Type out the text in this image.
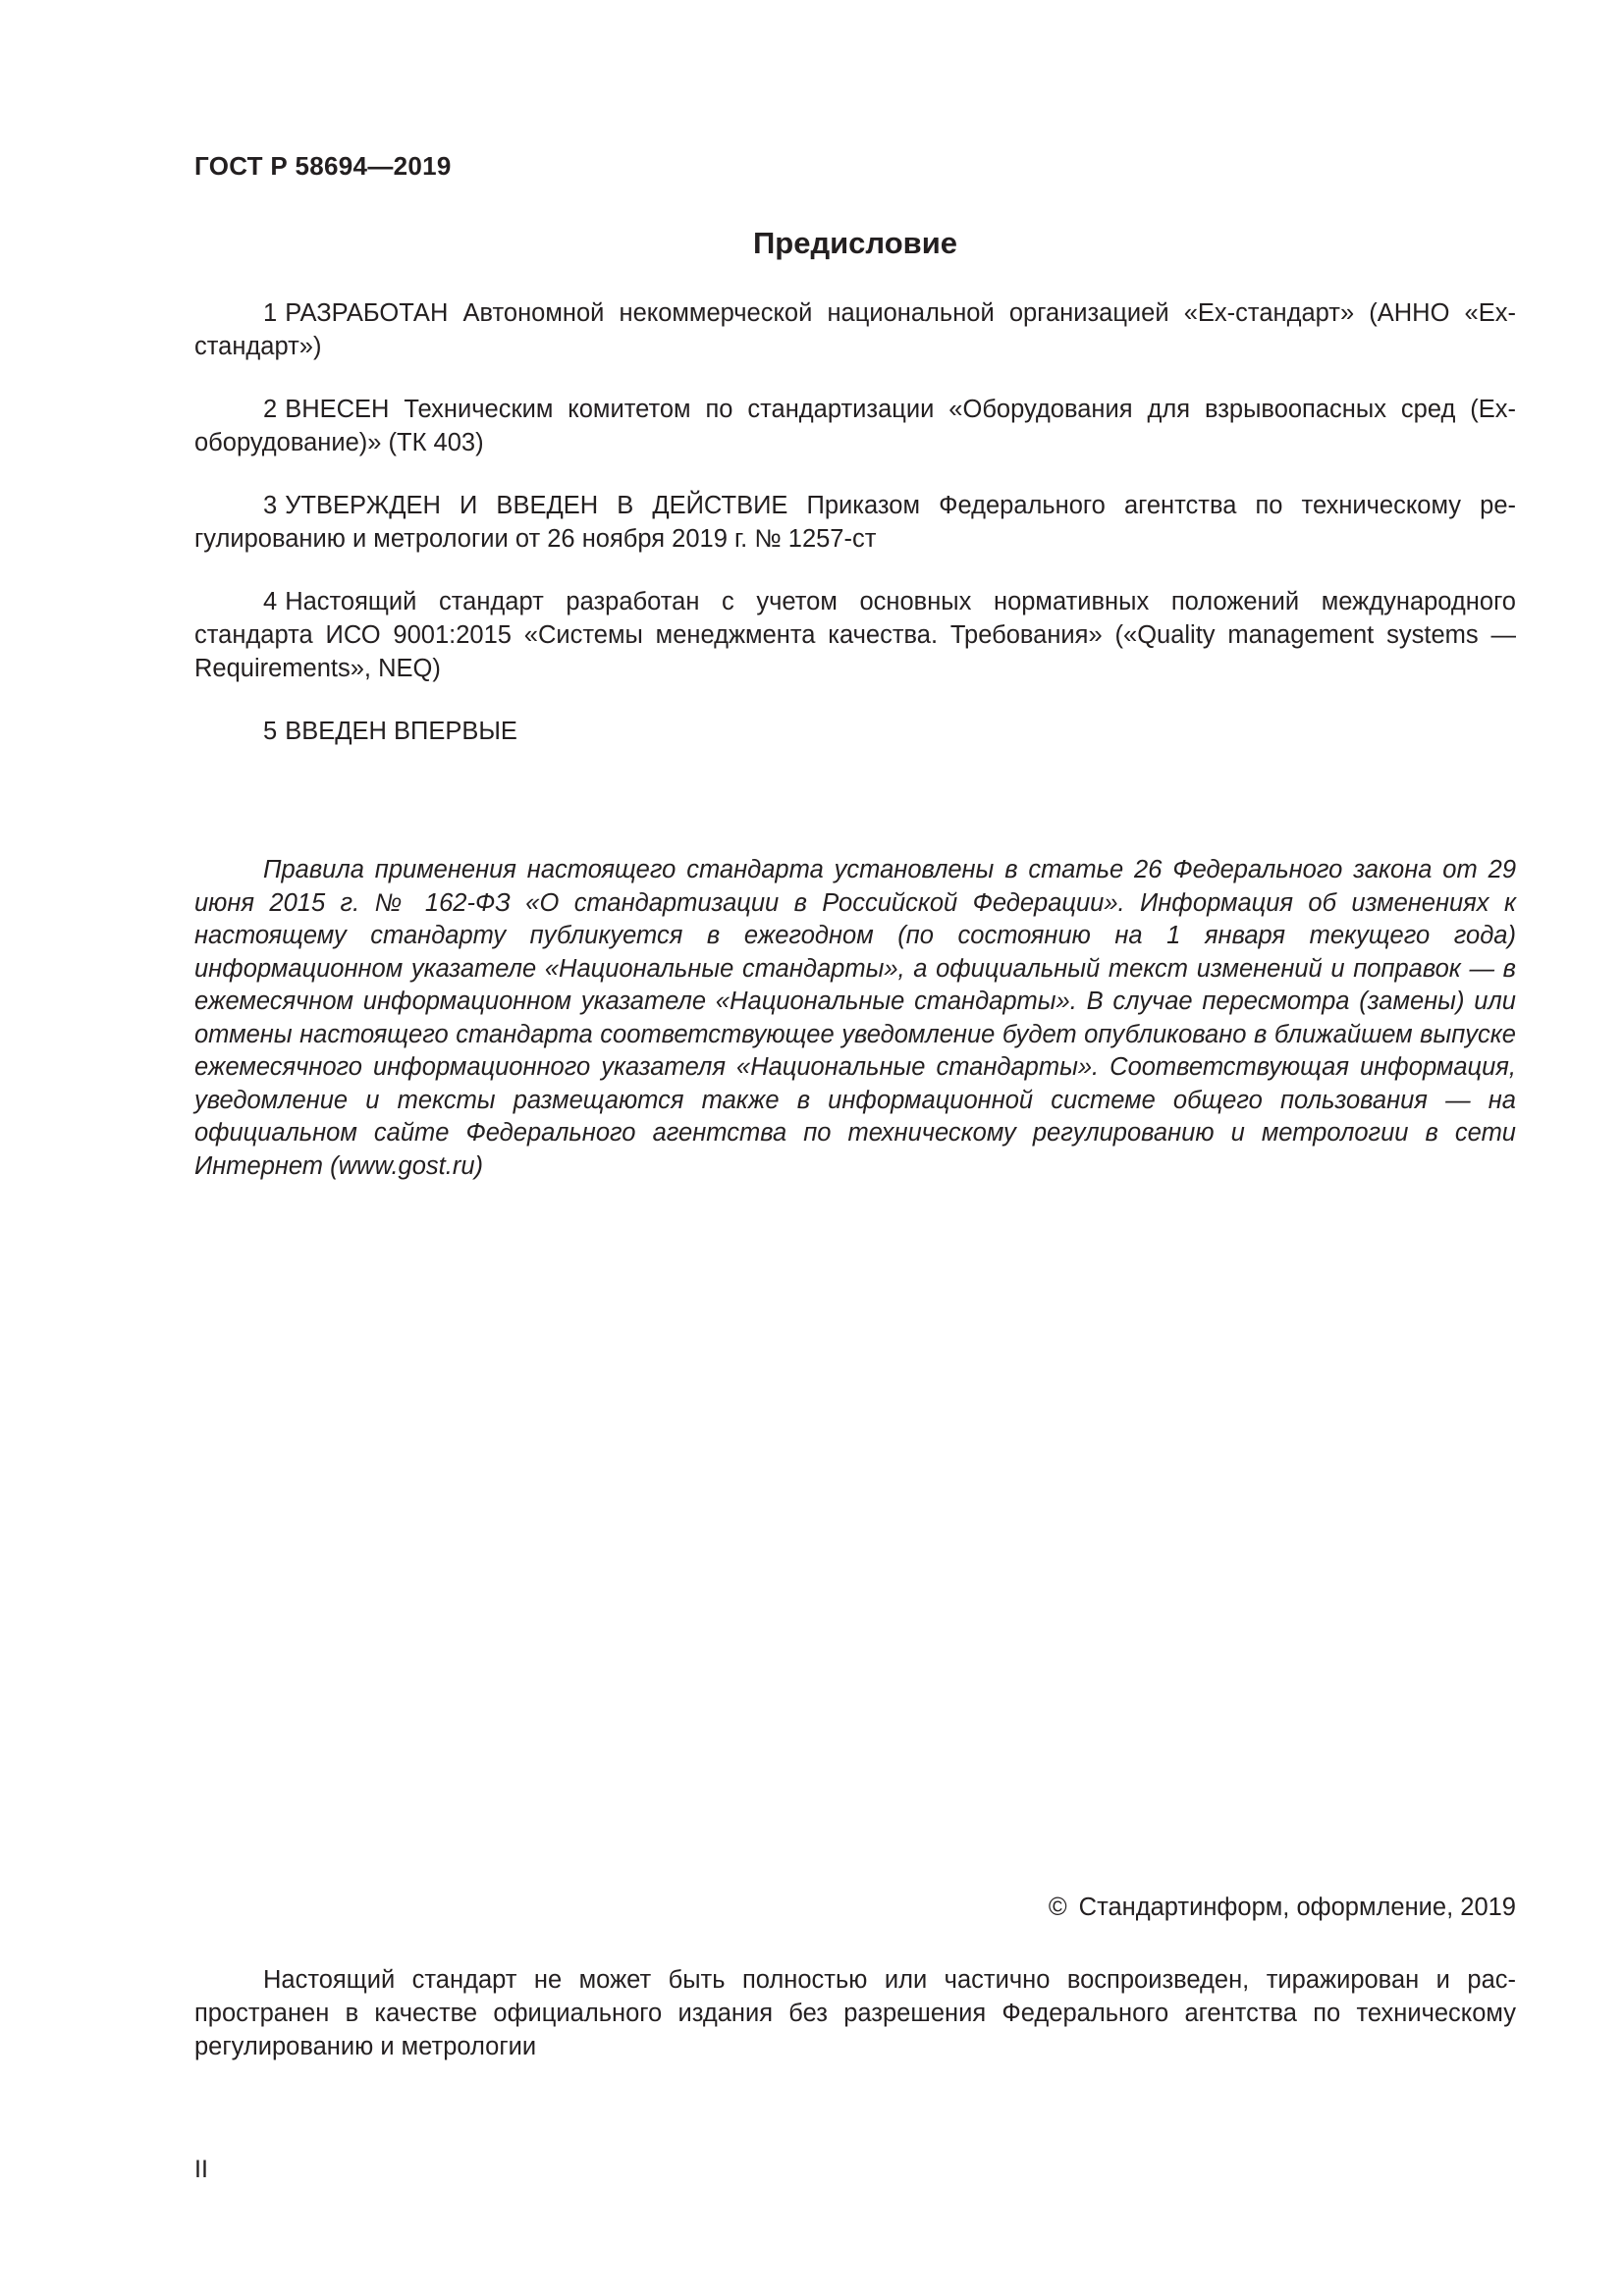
ГОСТ Р 58694—2019

Предисловие
1 РАЗРАБОТАН Автономной некоммерческой национальной организацией «Ех-стандарт» (АННО «Ех-стандарт»)
2 ВНЕСЕН Техническим комитетом по стандартизации «Оборудования для взрывоопасных сред (Ех-оборудование)» (ТК 403)
3 УТВЕРЖДЕН И ВВЕДЕН В ДЕЙСТВИЕ Приказом Федерального агентства по техническому регулированию и метрологии от 26 ноября 2019 г. № 1257-ст
4 Настоящий стандарт разработан с учетом основных нормативных положений международного стандарта ИСО 9001:2015 «Системы менеджмента качества. Требования» («Quality management systems — Requirements», NEQ)
5 ВВЕДЕН ВПЕРВЫЕ

Правила применения настоящего стандарта установлены в статье 26 Федерального закона от 29 июня 2015 г. № 162-ФЗ «О стандартизации в Российской Федерации». Информация об изменениях к настоящему стандарту публикуется в ежегодном (по состоянию на 1 января текущего года) информационном указателе «Национальные стандарты», а официальный текст изменений и поправок — в ежемесячном информационном указателе «Национальные стандарты». В случае пересмотра (замены) или отмены настоящего стандарта соответствующее уведомление будет опубликовано в ближайшем выпуске ежемесячного информационного указателя «Национальные стандарты». Соответствующая информация, уведомление и тексты размещаются также в информационной системе общего пользования — на официальном сайте Федерального агентства по техническому регулированию и метрологии в сети Интернет (www.gost.ru)

© Стандартинформ, оформление, 2019

Настоящий стандарт не может быть полностью или частично воспроизведен, тиражирован и распространен в качестве официального издания без разрешения Федерального агентства по техническому регулированию и метрологии

II
